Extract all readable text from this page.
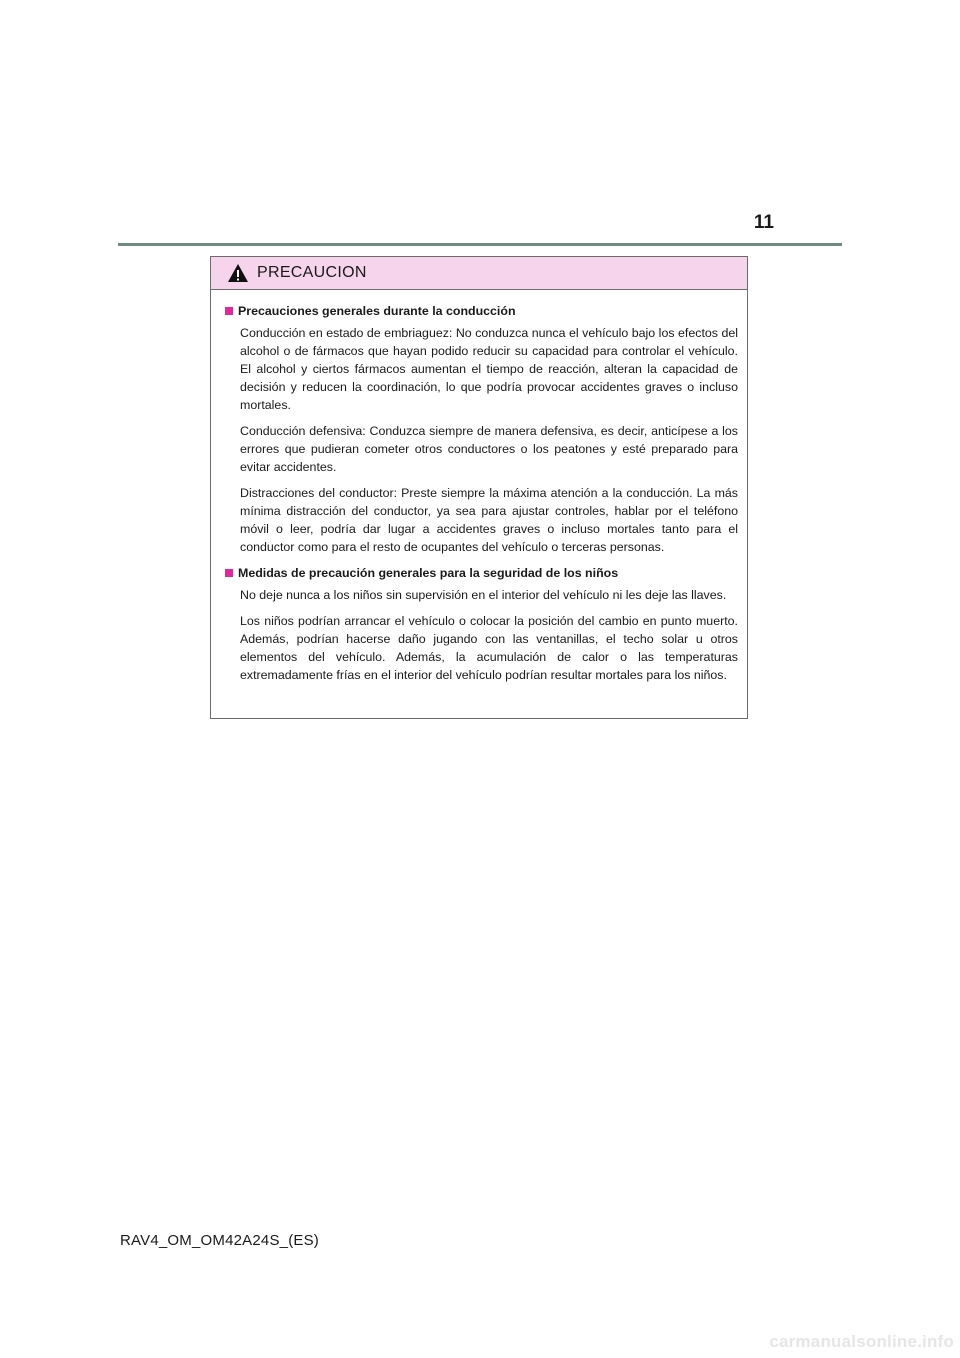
11
PRECAUCION
Precauciones generales durante la conducción

Conducción en estado de embriaguez: No conduzca nunca el vehículo bajo los efectos del alcohol o de fármacos que hayan podido reducir su capacidad para controlar el vehículo. El alcohol y ciertos fármacos aumentan el tiempo de reacción, alteran la capacidad de decisión y reducen la coordinación, lo que podría provocar accidentes graves o incluso mortales.

Conducción defensiva: Conduzca siempre de manera defensiva, es decir, anticípese a los errores que pudieran cometer otros conductores o los peatones y esté preparado para evitar accidentes.

Distracciones del conductor: Preste siempre la máxima atención a la conducción. La más mínima distracción del conductor, ya sea para ajustar controles, hablar por el teléfono móvil o leer, podría dar lugar a accidentes graves o incluso mortales tanto para el conductor como para el resto de ocupantes del vehículo o terceras personas.

Medidas de precaución generales para la seguridad de los niños

No deje nunca a los niños sin supervisión en el interior del vehículo ni les deje las llaves.

Los niños podrían arrancar el vehículo o colocar la posición del cambio en punto muerto. Además, podrían hacerse daño jugando con las ventanillas, el techo solar u otros elementos del vehículo. Además, la acumulación de calor o las temperaturas extremadamente frías en el interior del vehículo podrían resultar mortales para los niños.

RAV4_OM_OM42A24S_(ES)
carmanualsonline.info
